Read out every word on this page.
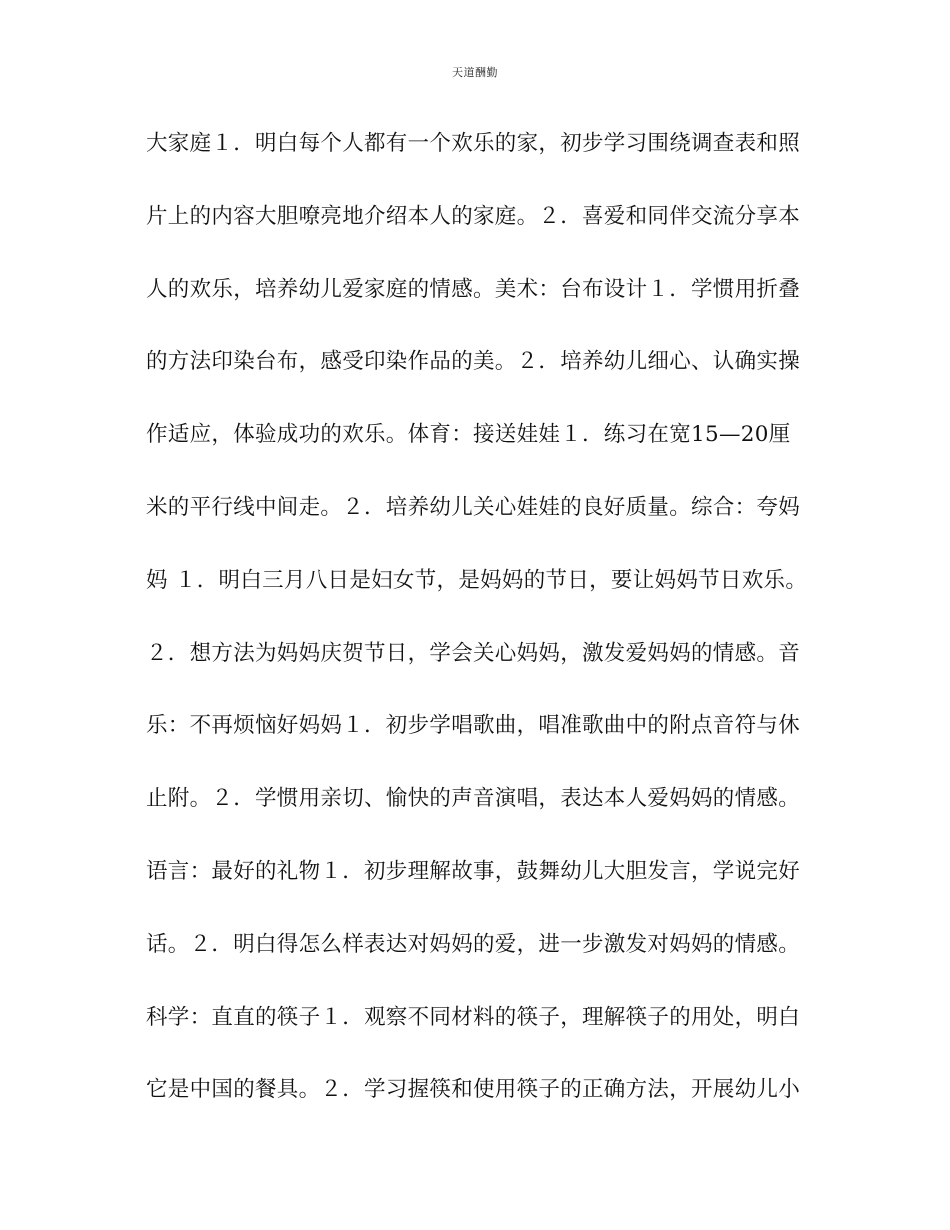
天道酬勤
大家庭１．明白每个人都有一个欢乐的家，初步学习围绕调查表和照
片上的内容大胆嘹亮地介绍本人的家庭。２．喜爱和同伴交流分享本
人的欢乐，培养幼儿爱家庭的情感。美术：台布设计１．学惯用折叠
的方法印染台布，感受印染作品的美。２．培养幼儿细心、认确实操
作适应，体验成功的欢乐。体育：接送娃娃１．练习在宽15—20厘
米的平行线中间走。２．培养幼儿关心娃娃的良好质量。综合：夸妈
妈 １．明白三月八日是妇女节，是妈妈的节日，要让妈妈节日欢乐。
２．想方法为妈妈庆贺节日，学会关心妈妈，激发爱妈妈的情感。音
乐：不再烦恼好妈妈１．初步学唱歌曲，唱准歌曲中的附点音符与休
止附。２．学惯用亲切、愉快的声音演唱，表达本人爱妈妈的情感。
语言：最好的礼物１．初步理解故事，鼓舞幼儿大胆发言，学说完好
话。２．明白得怎么样表达对妈妈的爱，进一步激发对妈妈的情感。
科学：直直的筷子１．观察不同材料的筷子，理解筷子的用处，明白
它是中国的餐具。２．学习握筷和使用筷子的正确方法，开展幼儿小
